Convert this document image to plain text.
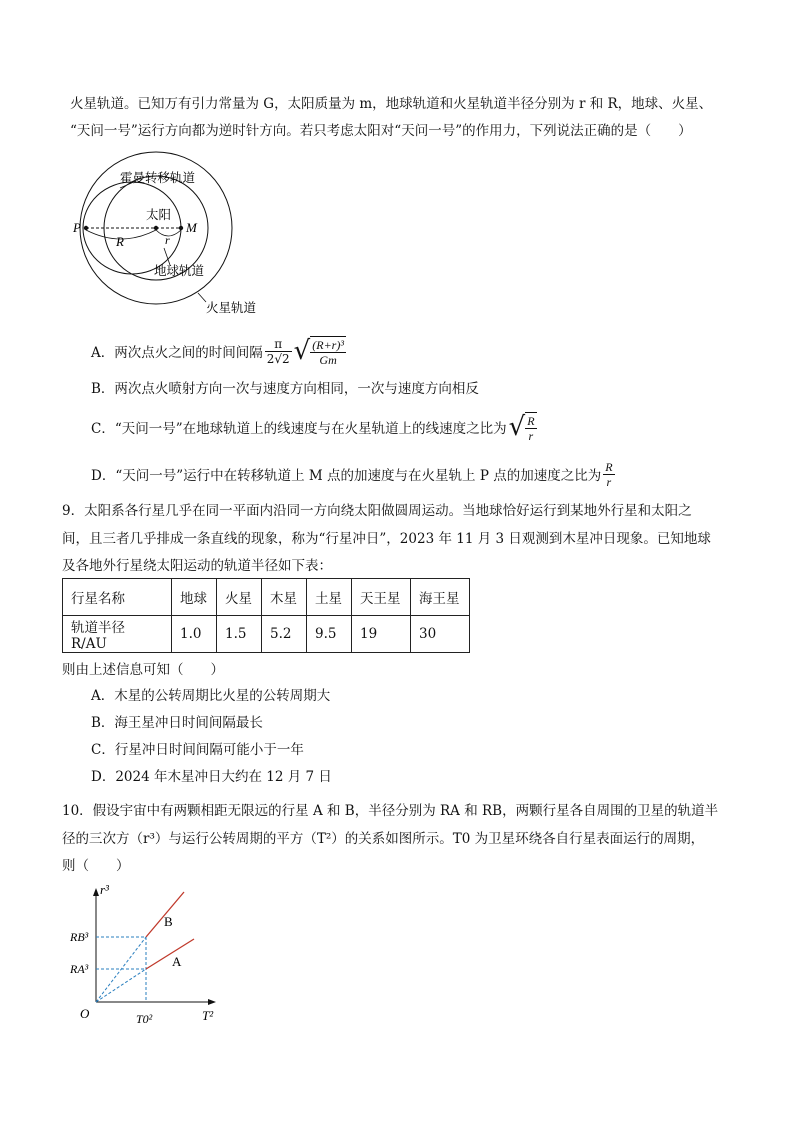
火星轨道。已知万有引力常量为 G，太阳质量为 m，地球轨道和火星轨道半径分别为 r 和 R，地球、火星、
“天问一号”运行方向都为逆时针方向。若只考虑太阳对“天问一号”的作用力，下列说法正确的是（　　）
霍曼转移轨道
太阳
地球轨道
火星轨道
P	M
R	r
A．两次点火之间的时间间隔 $\frac{\pi}{2√2}$ √ $\frac{\text{(R+r)³}}{Gm}$
B．两次点火喷射方向一次与速度方向相同，一次与速度方向相反
C．“天问一号”在地球轨道上的线速度与在火星轨道上的线速度之比为 √ $\frac{R}{r}$
D．“天问一号”运行中在转移轨道上 M 点的加速度与在火星轨上 P 点的加速度之比为 $\frac{R}{r}$
9．太阳系各行星几乎在同一平面内沿同一方向绕太阳做圆周运动。当地球恰好运行到某地外行星和太阳之
间，且三者几乎排成一条直线的现象，称为“行星冲日”，2023 年 11 月 3 日观测到木星冲日现象。已知地球
及各地外行星绕太阳运动的轨道半径如下表：
行星名称	地球	火星	木星	土星	天王星	海王星
轨道半径 R/AU	1.0	1.5	5.2	9.5	19	30
则由上述信息可知（　　）
A．木星的公转周期比火星的公转周期大
B．海王星冲日时间间隔最长
C．行星冲日时间间隔可能小于一年
D．2024 年木星冲日大约在 12 月 7 日
10．假设宇宙中有两颗相距无限远的行星 A 和 B，半径分别为 RA 和 RB，两颗行星各自周围的卫星的轨道半
径的三次方（r³）与运行公转周期的平方（T²）的关系如图所示。T0 为卫星环绕各自行星表面运行的周期，
则（　　）
r³
T²
O	T0²
RB³
RA³
B
A
